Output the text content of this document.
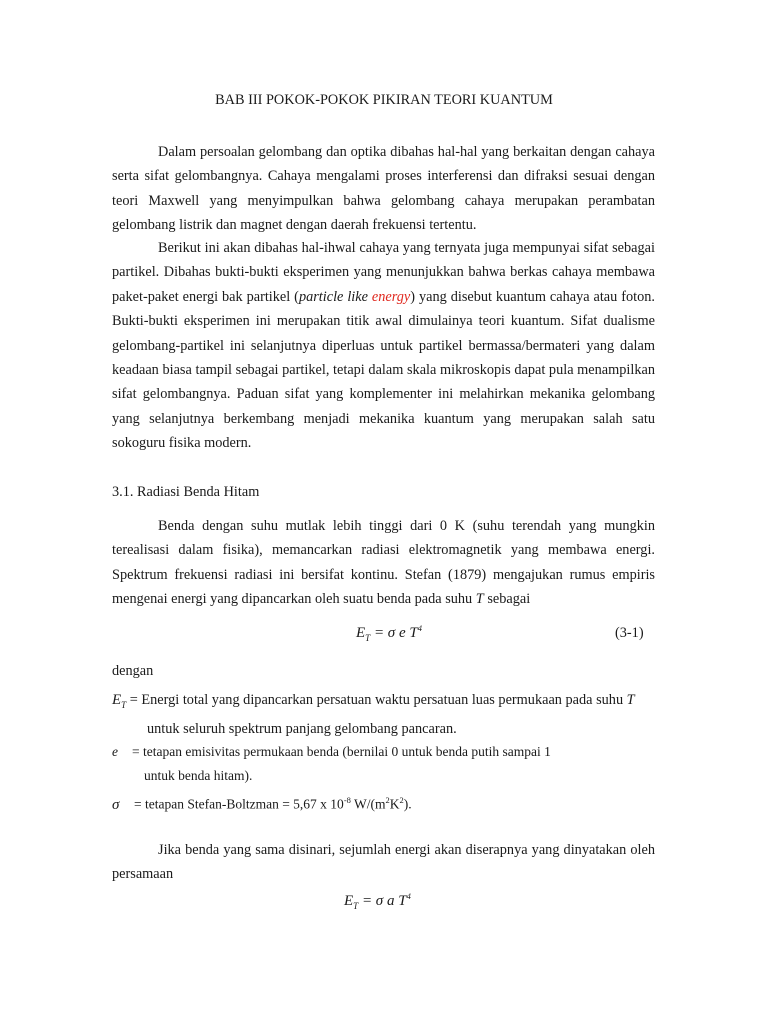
BAB III POKOK-POKOK PIKIRAN TEORI KUANTUM

Dalam persoalan gelombang dan optika dibahas hal-hal yang berkaitan dengan cahaya serta sifat gelombangnya. Cahaya mengalami proses interferensi dan difraksi sesuai dengan teori Maxwell yang menyimpulkan bahwa gelombang cahaya merupakan perambatan gelombang listrik dan magnet dengan daerah frekuensi tertentu.

Berikut ini akan dibahas hal-ihwal cahaya yang ternyata juga mempunyai sifat sebagai partikel. Dibahas bukti-bukti eksperimen yang menunjukkan bahwa berkas cahaya membawa paket-paket energi bak partikel (particle like energy) yang disebut kuantum cahaya atau foton. Bukti-bukti eksperimen ini merupakan titik awal dimulainya teori kuantum. Sifat dualisme gelombang-partikel ini selanjutnya diperluas untuk partikel bermassa/bermateri yang dalam keadaan biasa tampil sebagai partikel, tetapi dalam skala mikroskopis dapat pula menampilkan sifat gelombangnya. Paduan sifat yang komplementer ini melahirkan mekanika gelombang yang selanjutnya berkembang menjadi mekanika kuantum yang merupakan salah satu sokoguru fisika modern.

3.1. Radiasi Benda Hitam

Benda dengan suhu mutlak lebih tinggi dari 0 K (suhu terendah yang mungkin terealisasi dalam fisika), memancarkan radiasi elektromagnetik yang membawa energi. Spektrum frekuensi radiasi ini bersifat kontinu. Stefan (1879) mengajukan rumus empiris mengenai energi yang dipancarkan oleh suatu benda pada suhu T sebagai

$E_T = \sigma$ e $T^4$	(3-1)

dengan

$E_T$ = Energi total yang dipancarkan persatuan waktu persatuan luas permukaan pada suhu T
untuk seluruh spektrum panjang gelombang pancaran.
e = tetapan emisivitas permukaan benda (bernilai 0 untuk benda putih sampai 1
untuk benda hitam).
σ = tetapan Stefan-Boltzman = 5,67 x $10^{-8}$ $W/(m^2K^2)$.

Jika benda yang sama disinari, sejumlah energi akan diserapnya yang dinyatakan oleh persamaan

$E_T = \sigma$ a $T^4$
